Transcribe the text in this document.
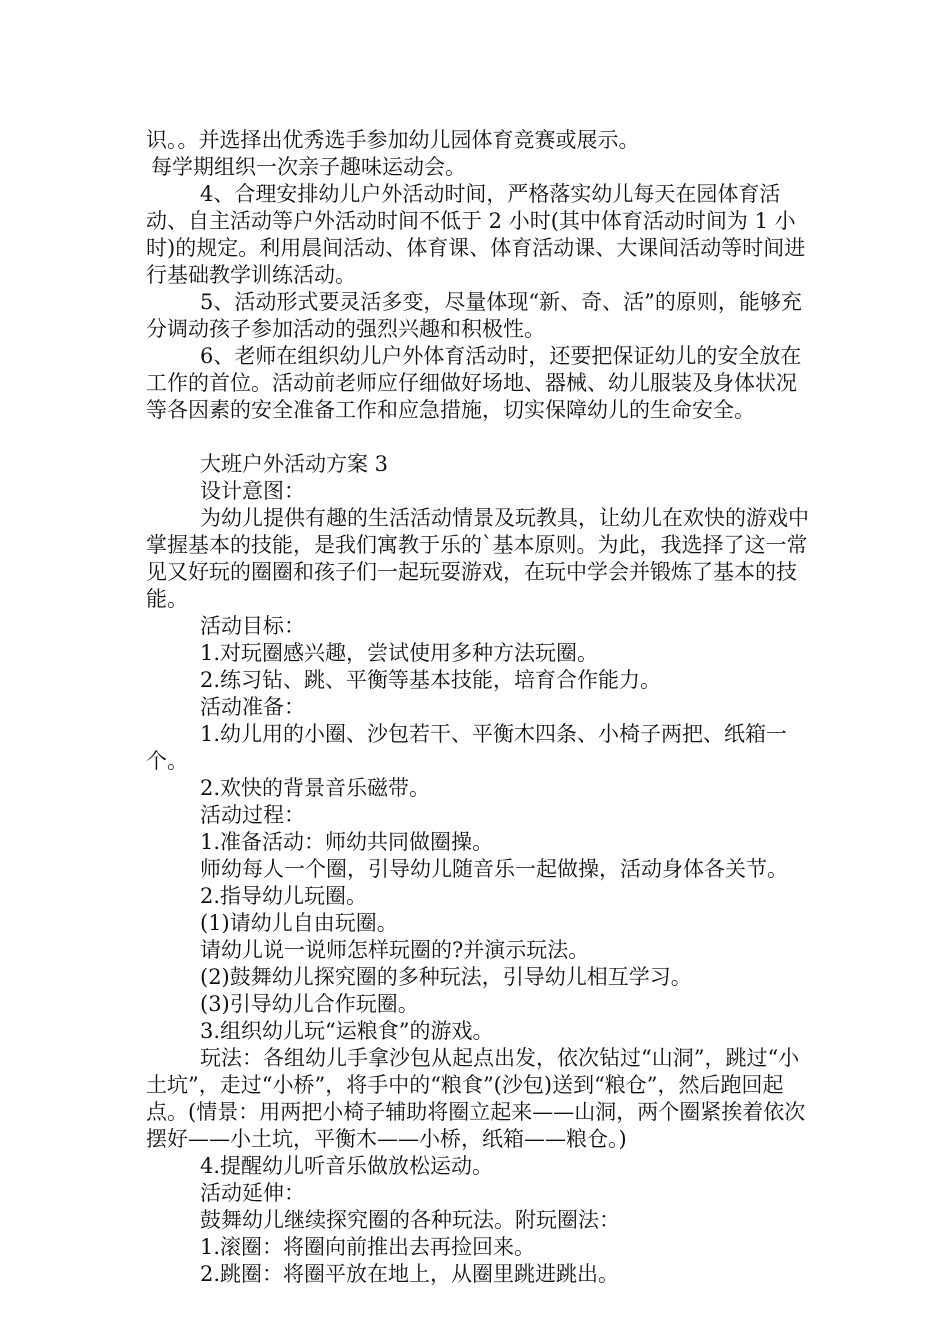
识。。并选择出优秀选手参加幼儿园体育竞赛或展示。

每学期组织一次亲子趣味运动会。

4、合理安排幼儿户外活动时间，严格落实幼儿每天在园体育活动、自主活动等户外活动时间不低于 2 小时(其中体育活动时间为 1 小时)的规定。利用晨间活动、体育课、体育活动课、大课间活动等时间进行基础教学训练活动。

5、活动形式要灵活多变，尽量体现“新、奇、活”的原则，能够充分调动孩子参加活动的强烈兴趣和积极性。

6、老师在组织幼儿户外体育活动时，还要把保证幼儿的安全放在工作的首位。活动前老师应仔细做好场地、器械、幼儿服装及身体状况等各因素的安全准备工作和应急措施，切实保障幼儿的生命安全。

大班户外活动方案 3

设计意图：

为幼儿提供有趣的生活活动情景及玩教具，让幼儿在欢快的游戏中掌握基本的技能，是我们寓教于乐的`基本原则。为此，我选择了这一常见又好玩的圈圈和孩子们一起玩耍游戏，在玩中学会并锻炼了基本的技能。

活动目标：

1.对玩圈感兴趣，尝试使用多种方法玩圈。

2.练习钻、跳、平衡等基本技能，培育合作能力。

活动准备：

1.幼儿用的小圈、沙包若干、平衡木四条、小椅子两把、纸箱一个。

2.欢快的背景音乐磁带。

活动过程：

1.准备活动：师幼共同做圈操。

师幼每人一个圈，引导幼儿随音乐一起做操，活动身体各关节。

2.指导幼儿玩圈。

(1)请幼儿自由玩圈。

请幼儿说一说师怎样玩圈的?并演示玩法。

(2)鼓舞幼儿探究圈的多种玩法，引导幼儿相互学习。

(3)引导幼儿合作玩圈。

3.组织幼儿玩“运粮食”的游戏。

玩法：各组幼儿手拿沙包从起点出发，依次钻过“山洞”，跳过“小土坑”，走过“小桥”，将手中的“粮食”(沙包)送到“粮仓”，然后跑回起点。(情景：用两把小椅子辅助将圈立起来——山洞，两个圈紧挨着依次摆好——小土坑，平衡木——小桥，纸箱——粮仓。)

4.提醒幼儿听音乐做放松运动。

活动延伸：

鼓舞幼儿继续探究圈的各种玩法。附玩圈法：

1.滚圈：将圈向前推出去再捡回来。

2.跳圈：将圈平放在地上，从圈里跳进跳出。
